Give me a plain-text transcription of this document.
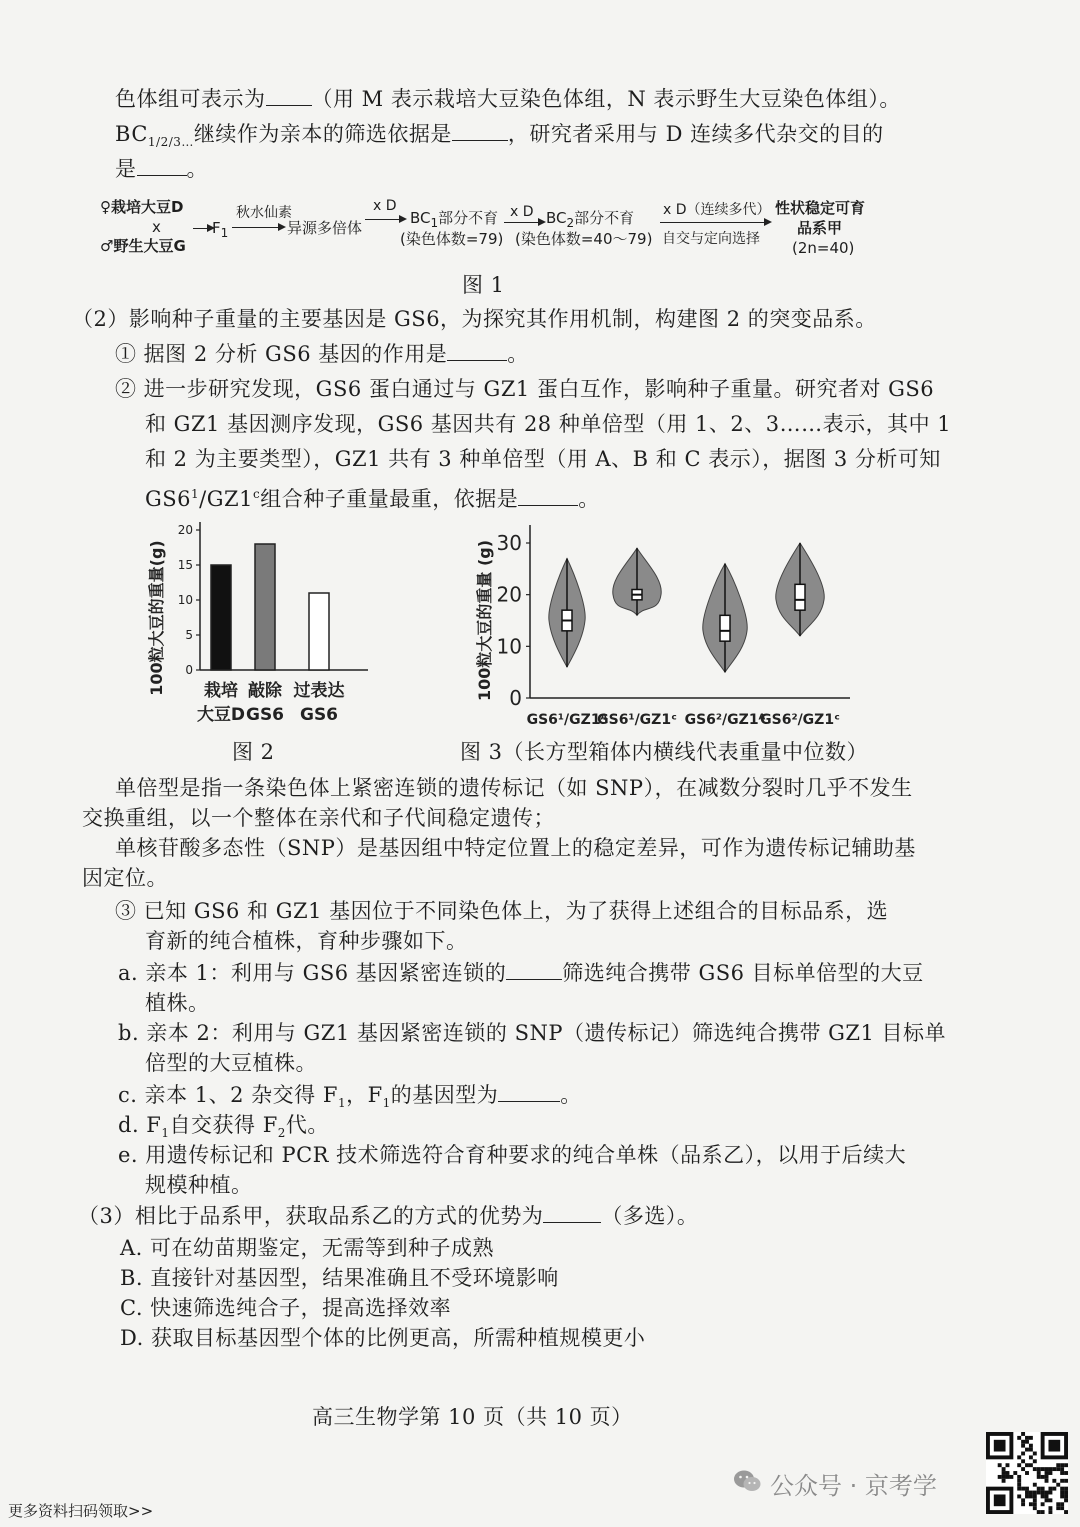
色体组可表示为 （用 M 表示栽培大豆染色体组，N 表示野生大豆染色体组）。
$BC_{1/2/3\dots}$继续作为亲本的筛选依据是	，研究者采用与 D 连续多代杂交的目的
是 。
♀栽培大豆D
x
♂野生大豆G
$F_1$
秋水仙素
异源多倍体
x D
$BC_1$部分不育
(染色体数=79)
x D $BC_2$部分不育
(染色体数=40～79)
x D（连续多代）
自交与定向选择
性状稳定可育
品系甲
(2n=40)
图 1
（2）影响种子重量的主要基因是 GS6，为探究其作用机制，构建图 2 的突变品系。
① 据图 2 分析 GS6 基因的作用是	。
② 进一步研究发现，GS6 蛋白通过与 GZ1 蛋白互作，影响种子重量。研究者对 GS6
和 GZ1 基因测序发现，GS6 基因共有 28 种单倍型（用 1、2、3……表示，其中 1
和 2 为主要类型），GZ1 共有 3 种单倍型（用 A、B 和 C 表示），据图 3 分析可知
$GS6^1/GZ1^c$组合种子重量最重，依据是	。
0
5
10
15
20
100粒大豆的重量(g) 栽培
大豆D
敲除
GS6
过表达
GS6
图 2
0
10
20
30
100粒大豆的重量 (g)
GS6¹/GZ1ᴬ
GS6¹/GZ1ᶜ GS6²/GZ1ᴬ
GS6²/GZ1ᶜ
图 3（长方型箱体内横线代表重量中位数）
单倍型是指一条染色体上紧密连锁的遗传标记（如 SNP），在减数分裂时几乎不发生
交换重组，以一个整体在亲代和子代间稳定遗传；
单核苷酸多态性（SNP）是基因组中特定位置上的稳定差异，可作为遗传标记辅助基
因定位。
③ 已知 GS6 和 GZ1 基因位于不同染色体上，为了获得上述组合的目标品系，选
育新的纯合植株，育种步骤如下。
a. 亲本 1：利用与 GS6 基因紧密连锁的	筛选纯合携带 GS6 目标单倍型的大豆
植株。
b. 亲本 2：利用与 GZ1 基因紧密连锁的 SNP（遗传标记）筛选纯合携带 GZ1 目标单
倍型的大豆植株。
c. 亲本 1、2 杂交得 $F_1$，$F_1$的基因型为	。
d. $F_1$自交获得 $F_2$代。
e. 用遗传标记和 PCR 技术筛选符合育种要求的纯合单株（品系乙），以用于后续大
规模种植。
（3）相比于品系甲，获取品系乙的方式的优势为	（多选）。
A. 可在幼苗期鉴定，无需等到种子成熟
B. 直接针对基因型，结果准确且不受环境影响
C. 快速筛选纯合子，提高选择效率
D. 获取目标基因型个体的比例更高，所需种植规模更小
高三生物学第 10 页（共 10 页）
公众号 · 京考学
更多资料扫码领取>>
